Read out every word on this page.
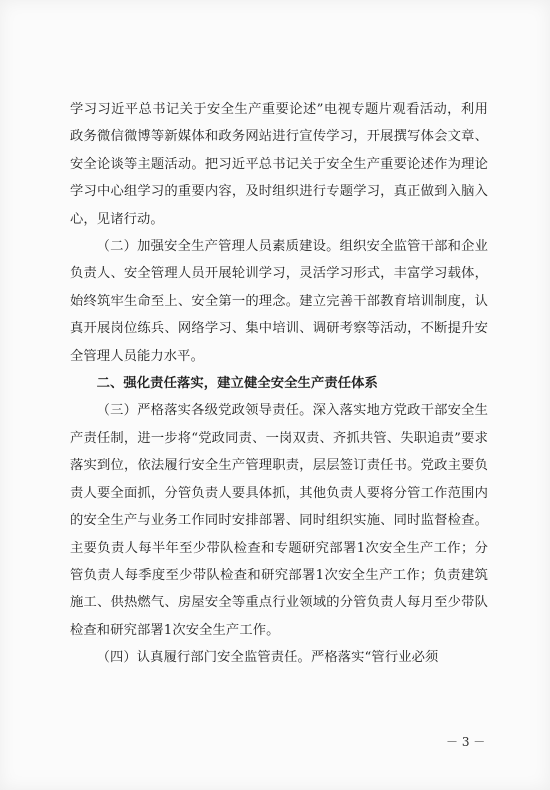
学习习近平总书记关于安全生产重要论述”电视专题片观看活动，利用政务微信微博等新媒体和政务网站进行宣传学习，开展撰写体会文章、安全论谈等主题活动。把习近平总书记关于安全生产重要论述作为理论学习中心组学习的重要内容，及时组织进行专题学习，真正做到入脑入心，见诸行动。

（二）加强安全生产管理人员素质建设。组织安全监管干部和企业负责人、安全管理人员开展轮训学习，灵活学习形式，丰富学习载体，始终筑牢生命至上、安全第一的理念。建立完善干部教育培训制度，认真开展岗位练兵、网络学习、集中培训、调研考察等活动，不断提升安全管理人员能力水平。

二、强化责任落实，建立健全安全生产责任体系

（三）严格落实各级党政领导责任。深入落实地方党政干部安全生产责任制，进一步将“党政同责、一岗双责、齐抓共管、失职追责”要求落实到位，依法履行安全生产管理职责，层层签订责任书。党政主要负责人要全面抓，分管负责人要具体抓，其他负责人要将分管工作范围内的安全生产与业务工作同时安排部署、同时组织实施、同时监督检查。主要负责人每半年至少带队检查和专题研究部署1次安全生产工作；分管负责人每季度至少带队检查和研究部署1次安全生产工作；负责建筑施工、供热燃气、房屋安全等重点行业领域的分管负责人每月至少带队检查和研究部署1次安全生产工作。

（四）认真履行部门安全监管责任。严格落实“管行业必须

－ 3 －
